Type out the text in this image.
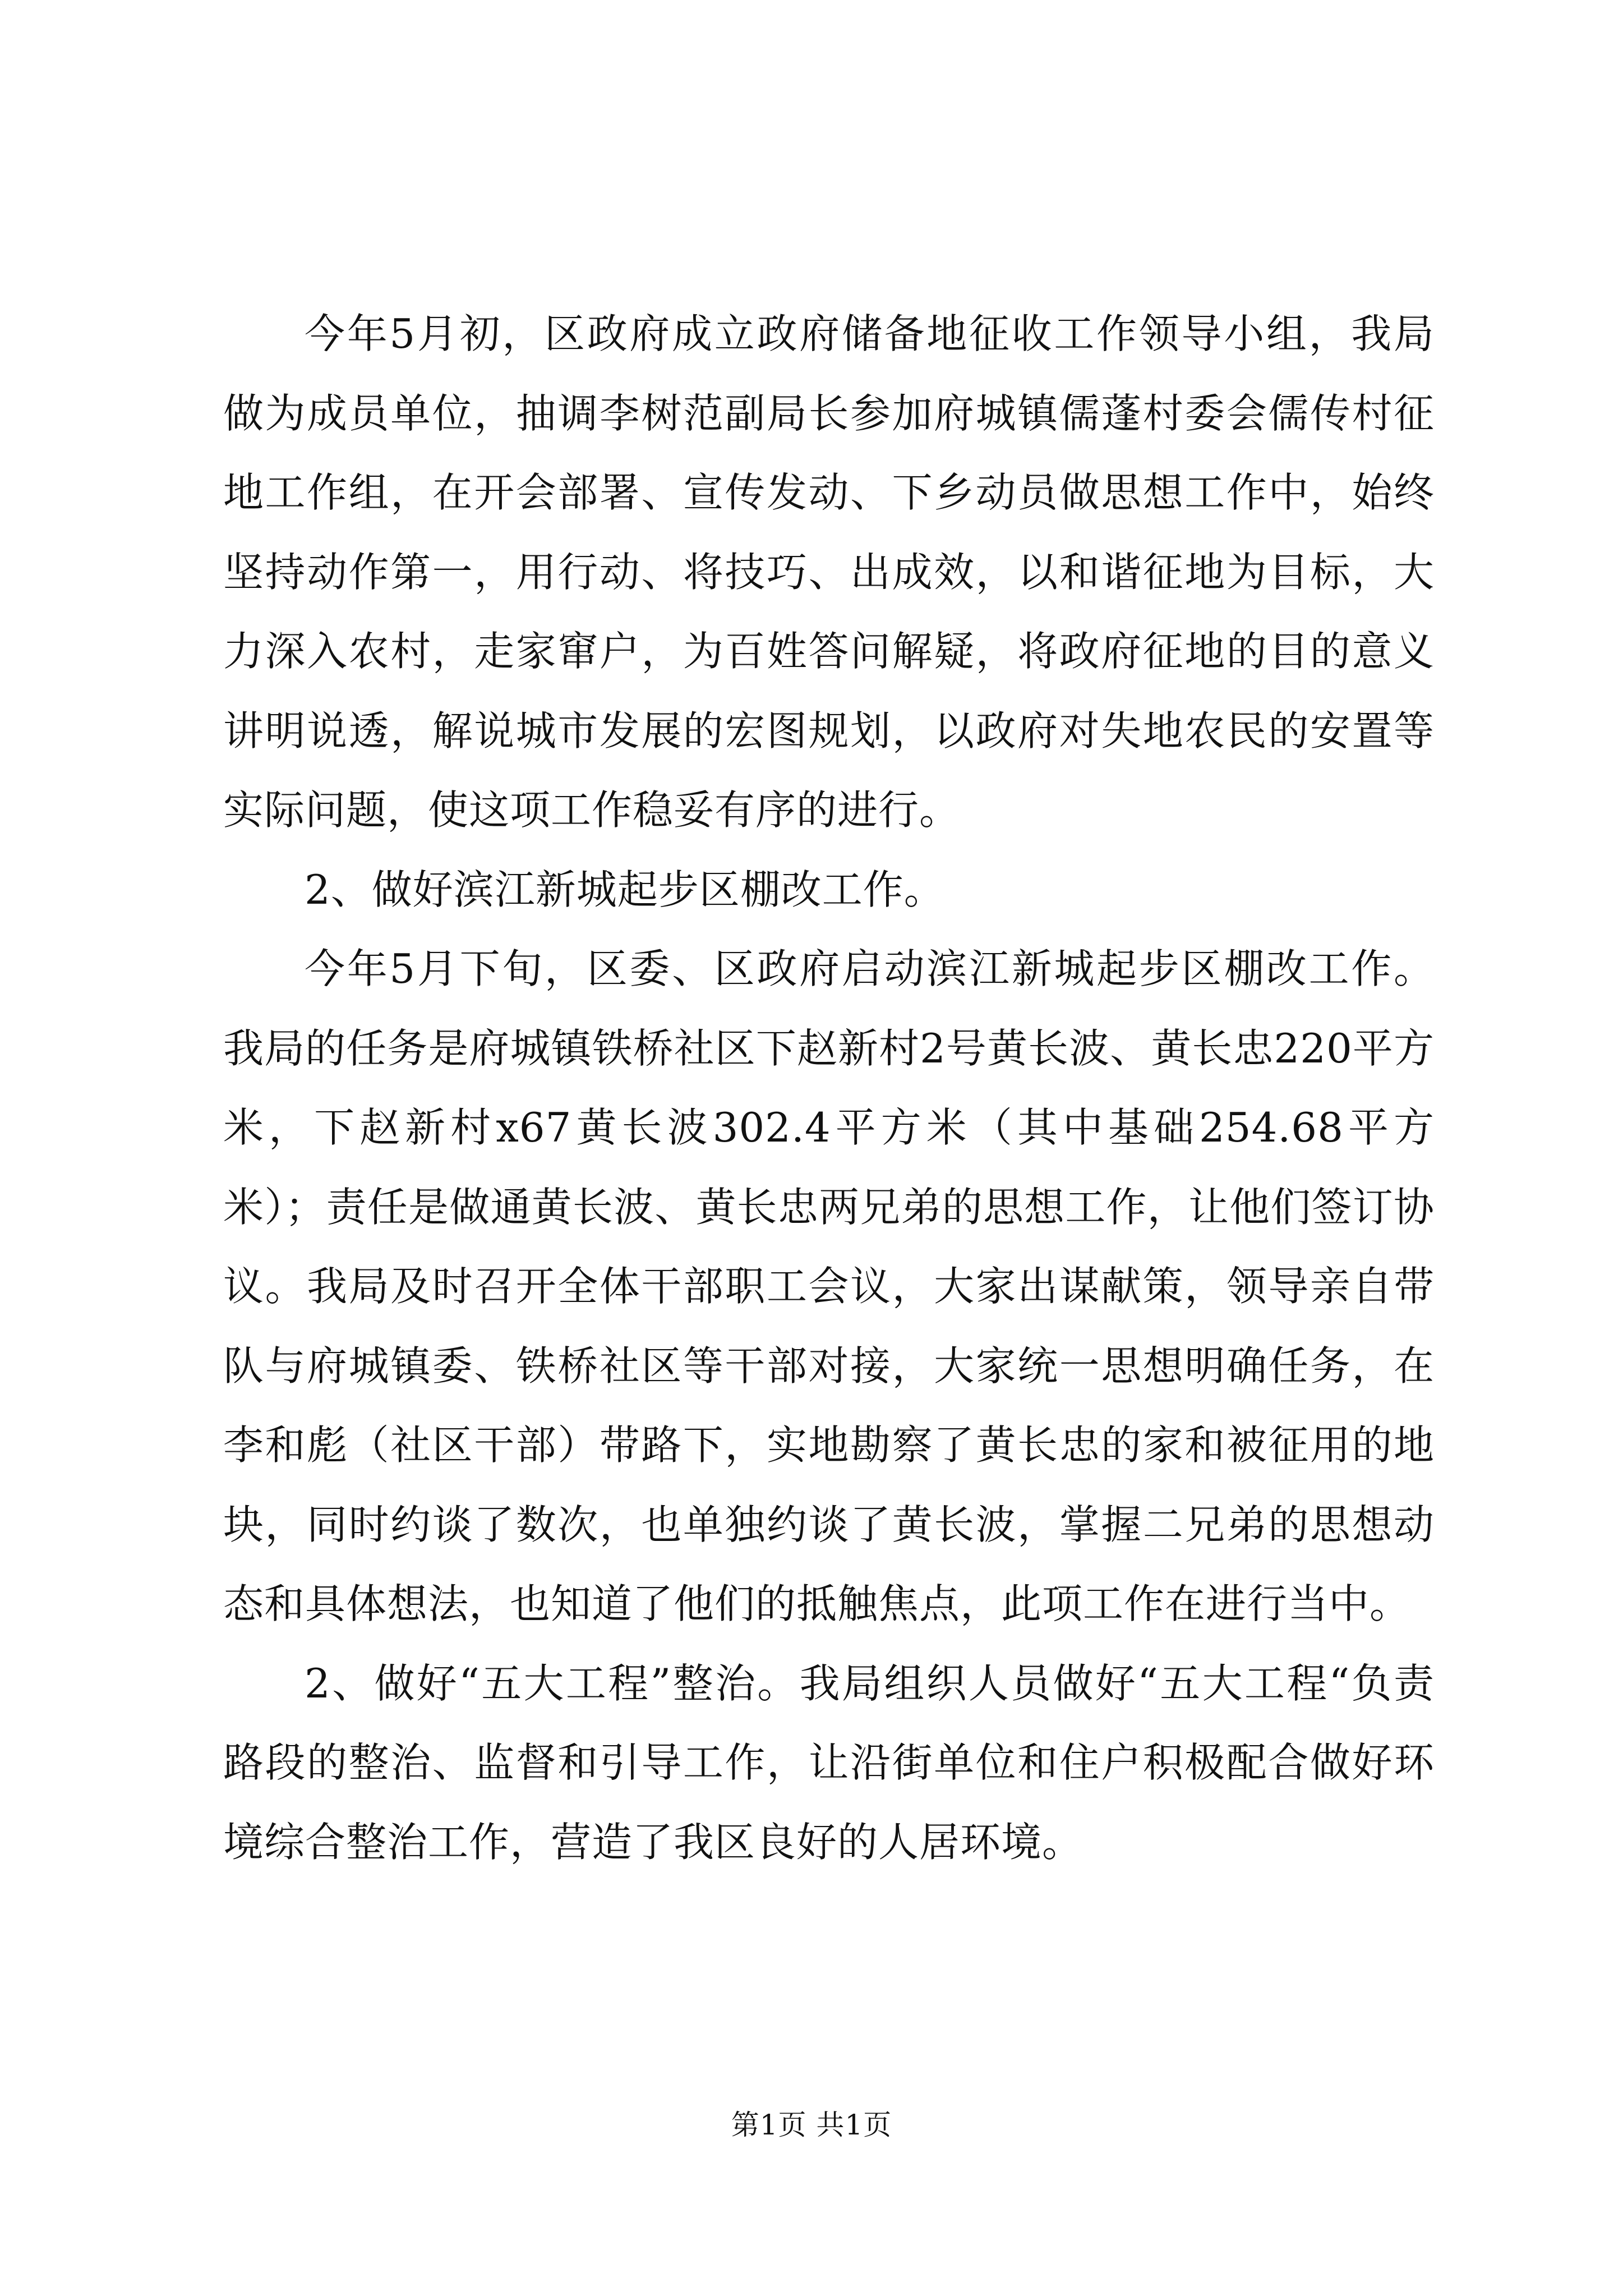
今年5月初，区政府成立政府储备地征收工作领导小组，我局做为成员单位，抽调李树范副局长参加府城镇儒蓬村委会儒传村征地工作组，在开会部署、宣传发动、下乡动员做思想工作中，始终坚持动作第一，用行动、将技巧、出成效，以和谐征地为目标，大力深入农村，走家窜户，为百姓答问解疑，将政府征地的目的意义讲明说透，解说城市发展的宏图规划，以政府对失地农民的安置等实际问题，使这项工作稳妥有序的进行。

2、做好滨江新城起步区棚改工作。

今年5月下旬，区委、区政府启动滨江新城起步区棚改工作。我局的任务是府城镇铁桥社区下赵新村2号黄长波、黄长忠220平方米，下赵新村x67黄长波302.4平方米（其中基础254.68平方米）；责任是做通黄长波、黄长忠两兄弟的思想工作，让他们签订协议。我局及时召开全体干部职工会议，大家出谋献策，领导亲自带队与府城镇委、铁桥社区等干部对接，大家统一思想明确任务，在李和彪（社区干部）带路下，实地勘察了黄长忠的家和被征用的地块，同时约谈了数次，也单独约谈了黄长波，掌握二兄弟的思想动态和具体想法，也知道了他们的抵触焦点，此项工作在进行当中。

2、做好“五大工程”整治。我局组织人员做好“五大工程“负责路段的整治、监督和引导工作，让沿街单位和住户积极配合做好环境综合整治工作，营造了我区良好的人居环境。

第1页 共1页
